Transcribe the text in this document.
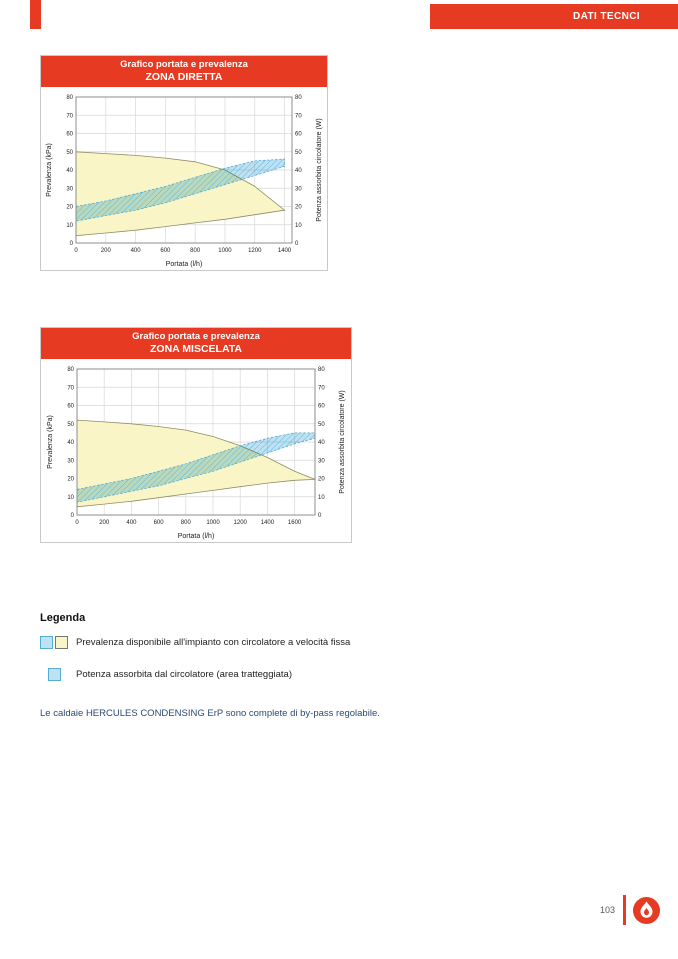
DATI TECNCI
Grafico portata e prevalenza
ZONA DIRETTA
0	0
10	10
20	20
30	30
40	40
50	50
60	60
70	70
80	80
0	200	400	600	800	1000	1200	1400
Prevalenza (kPa)	Potenza assorbita circolatore (W)
Portata (l/h)
Grafico portata e prevalenza
ZONA MISCELATA
0	0
10	10
20	20
30	30
40	40
50	50
60	60
70	70
80	80
0	200	400	600	800	1000 1200 1400 1600
Prevalenza (kPa)	Potenza assorbita circolatore (W)
Portata (l/h)
Legenda
Prevalenza disponibile all'impianto con circolatore a velocità fissa
Potenza assorbita dal circolatore (area tratteggiata)

Le caldaie HERCULES CONDENSING ErP sono complete di by-pass regolabile.

103
